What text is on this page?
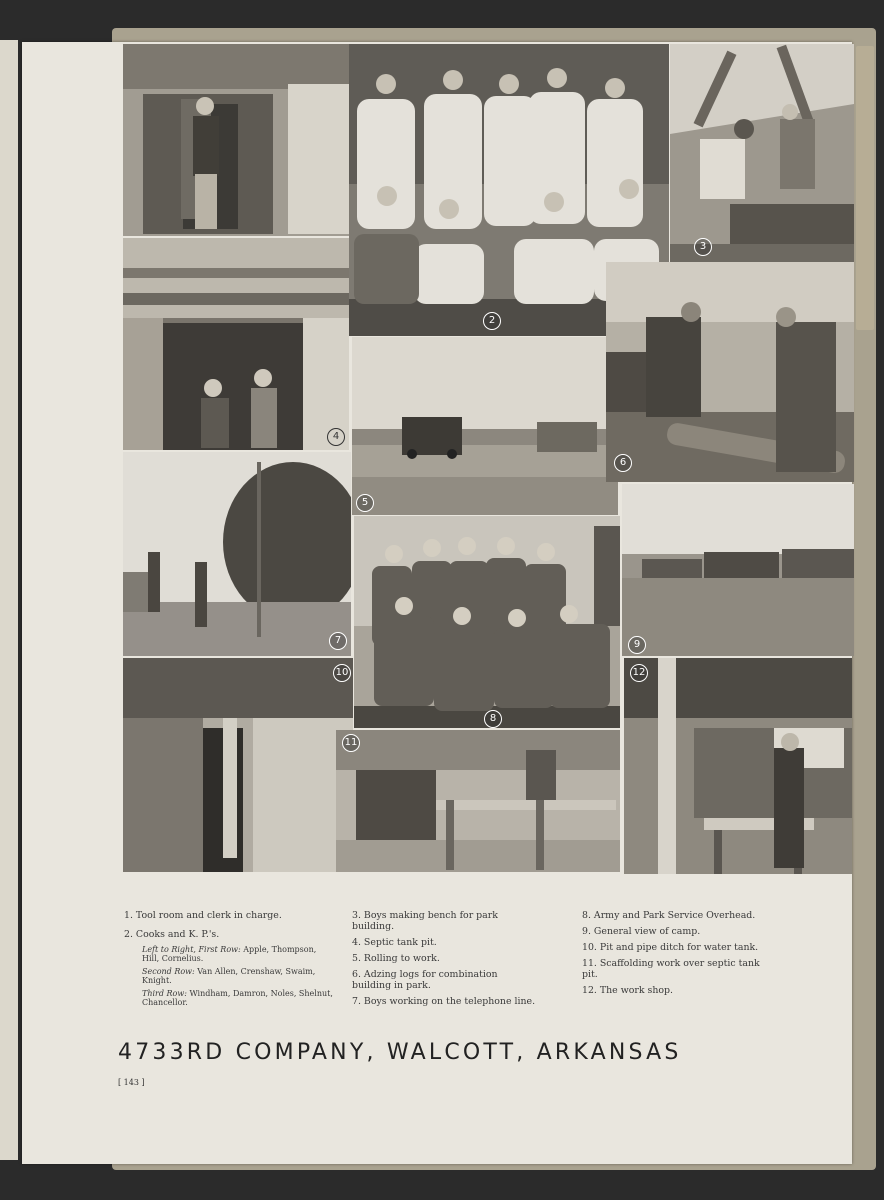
2
3
4
5
6
7
8
9
10
11
12
1. Tool room and clerk in charge.
2. Cooks and K. P.'s.
Left to Right, First Row: Apple, Thompson, Hill, Cornelius.
Second Row: Van Allen, Crenshaw, Swaim, Knight.
Third Row: Windham, Damron, Noles, Shelnut, Chancellor.
3. Boys making bench for park building.
4. Septic tank pit.
5. Rolling to work.
6. Adzing logs for combination building in park.
7. Boys working on the telephone line.
8. Army and Park Service Overhead.
9. General view of camp.
10. Pit and pipe ditch for water tank.
11. Scaffolding work over septic tank pit.
12. The work shop.
4733RD COMPANY, WALCOTT, ARKANSAS
[ 143 ]
